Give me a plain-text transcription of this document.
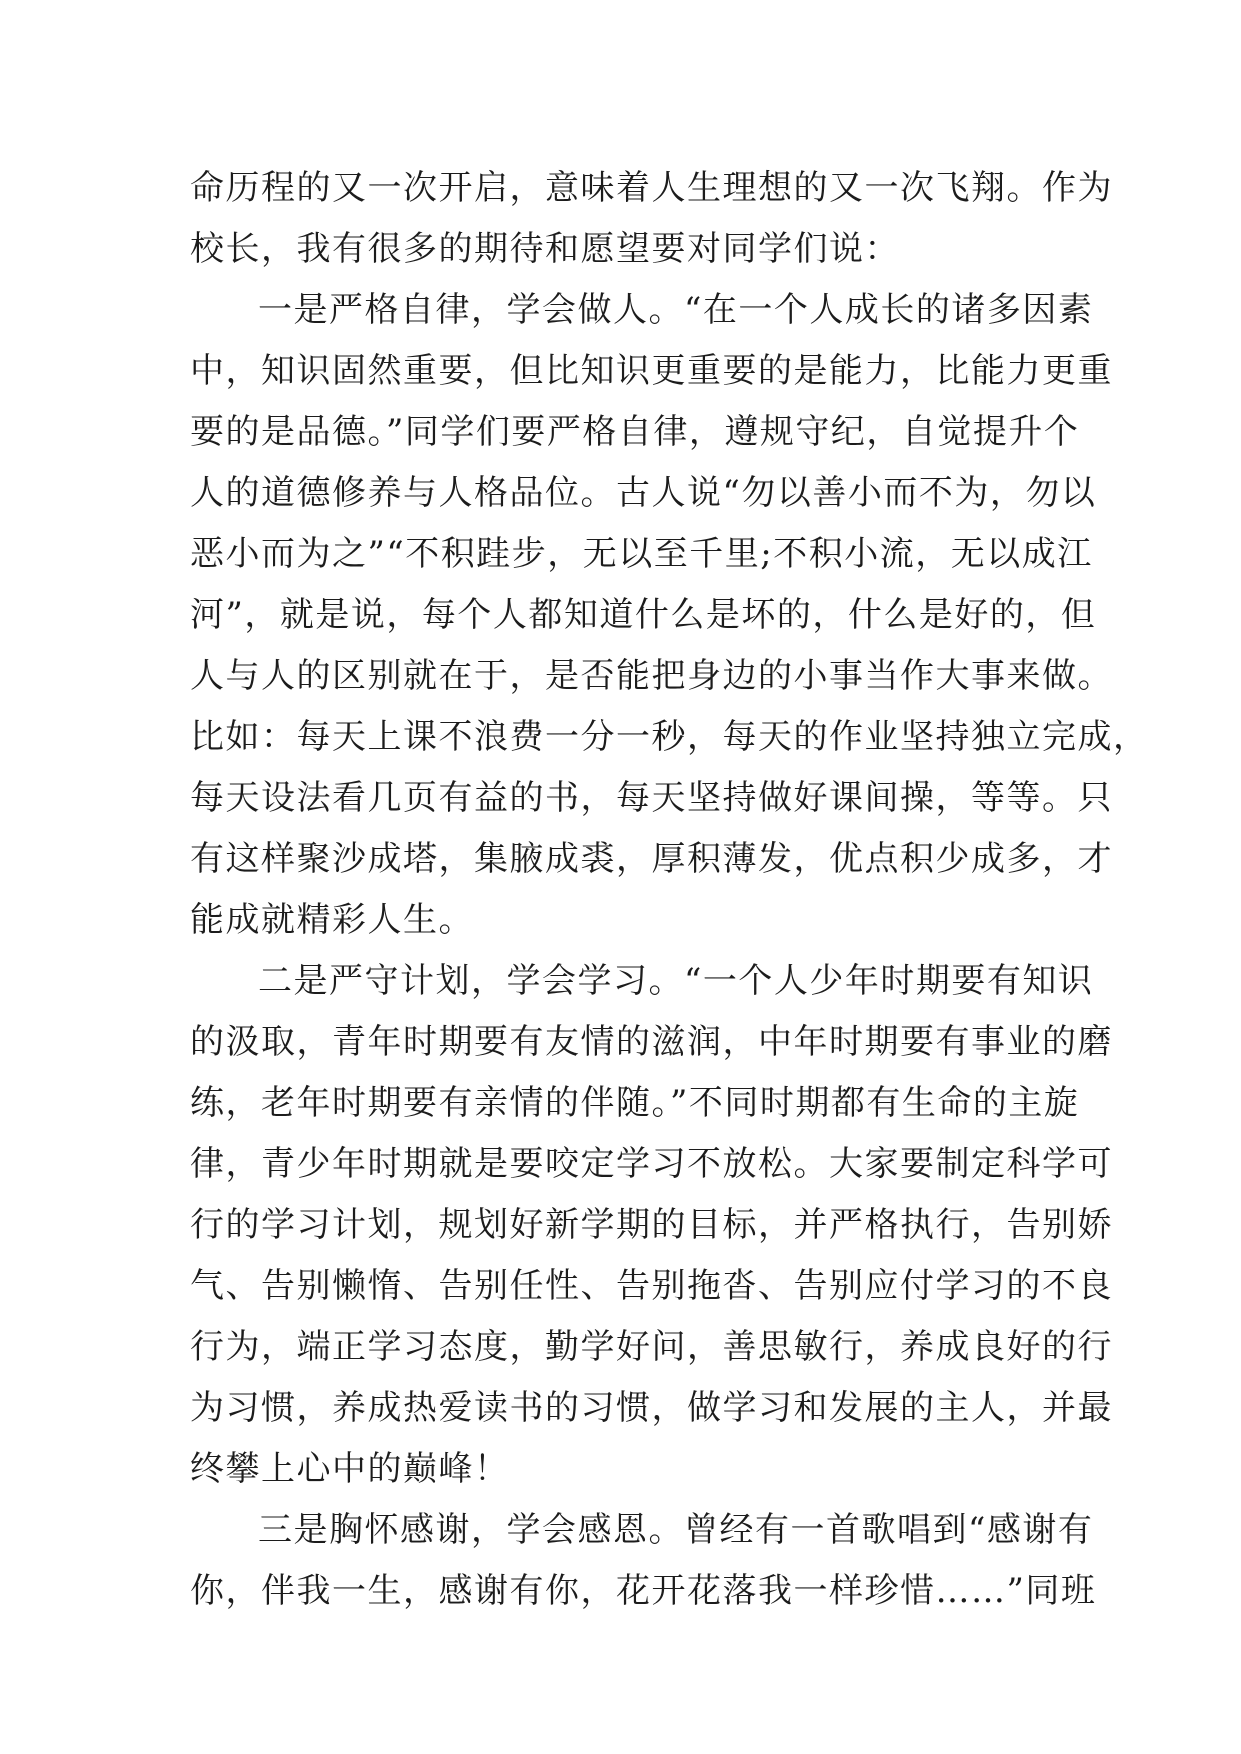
命历程的又一次开启，意味着人生理想的又一次飞翔。作为
校长，我有很多的期待和愿望要对同学们说：
一是严格自律，学会做人。“在一个人成长的诸多因素
中，知识固然重要，但比知识更重要的是能力，比能力更重
要的是品德。”同学们要严格自律，遵规守纪，自觉提升个
人的道德修养与人格品位。古人说“勿以善小而不为，勿以
恶小而为之”“不积跬步，无以至千里;不积小流，无以成江
河”，就是说，每个人都知道什么是坏的，什么是好的，但
人与人的区别就在于，是否能把身边的小事当作大事来做。
比如：每天上课不浪费一分一秒，每天的作业坚持独立完成，
每天设法看几页有益的书，每天坚持做好课间操，等等。只
有这样聚沙成塔，集腋成裘，厚积薄发，优点积少成多，才
能成就精彩人生。
二是严守计划，学会学习。“一个人少年时期要有知识
的汲取，青年时期要有友情的滋润，中年时期要有事业的磨
练，老年时期要有亲情的伴随。”不同时期都有生命的主旋
律，青少年时期就是要咬定学习不放松。大家要制定科学可
行的学习计划，规划好新学期的目标，并严格执行，告别娇
气、告别懒惰、告别任性、告别拖沓、告别应付学习的不良
行为，端正学习态度，勤学好问，善思敏行，养成良好的行
为习惯，养成热爱读书的习惯，做学习和发展的主人，并最
终攀上心中的巅峰！
三是胸怀感谢，学会感恩。曾经有一首歌唱到“感谢有
你，伴我一生，感谢有你，花开花落我一样珍惜……”同班
